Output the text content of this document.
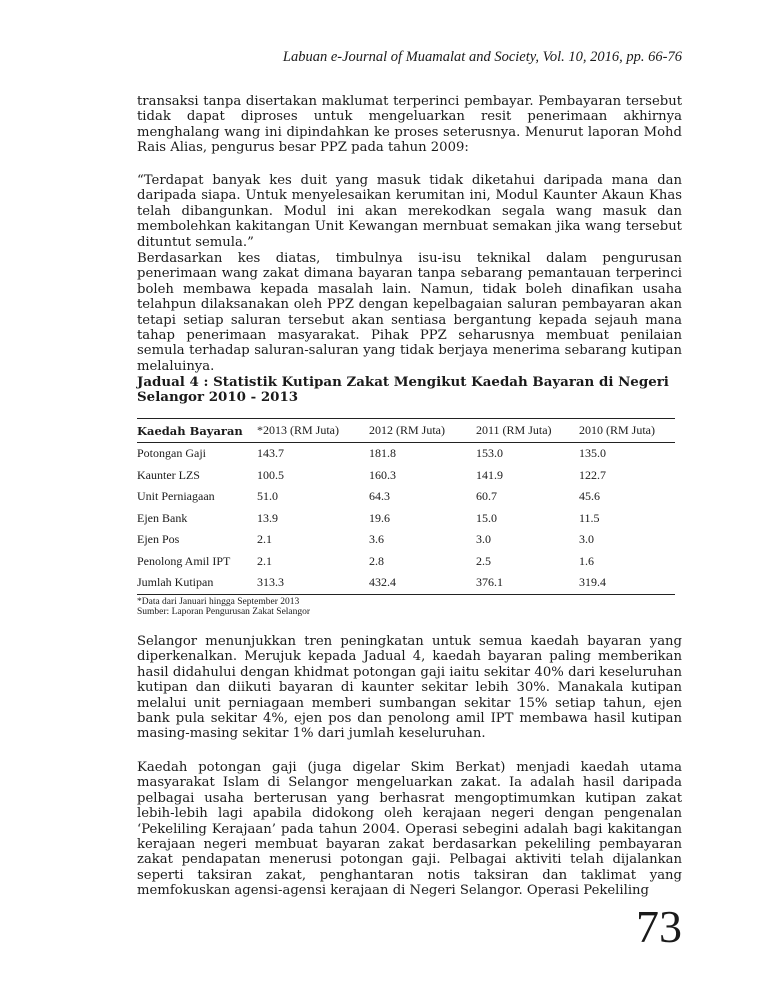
Labuan e-Journal of Muamalat and Society, Vol. 10, 2016, pp. 66-76

transaksi tanpa disertakan maklumat terperinci pembayar. Pembayaran tersebut tidak dapat diproses untuk mengeluarkan resit penerimaan akhirnya menghalang wang ini dipindahkan ke proses seterusnya. Menurut laporan Mohd Rais Alias, pengurus besar PPZ pada tahun 2009:

“Terdapat banyak kes duit yang masuk tidak diketahui daripada mana dan daripada siapa. Untuk menyelesaikan kerumitan ini, Modul Kaunter Akaun Khas telah dibangunkan. Modul ini akan merekodkan segala wang masuk dan membolehkan kakitangan Unit Kewangan mernbuat semakan jika wang tersebut dituntut semula.”

Berdasarkan kes diatas, timbulnya isu-isu teknikal dalam pengurusan penerimaan wang zakat dimana bayaran tanpa sebarang pemantauan terperinci boleh membawa kepada masalah lain. Namun, tidak boleh dinafikan usaha telahpun dilaksanakan oleh PPZ dengan kepelbagaian saluran pembayaran akan tetapi setiap saluran tersebut akan sentiasa bergantung kepada sejauh mana tahap penerimaan masyarakat. Pihak PPZ seharusnya membuat penilaian semula terhadap saluran-saluran yang tidak berjaya menerima sebarang kutipan melaluinya.

Jadual 4 : Statistik Kutipan Zakat Mengikut Kaedah Bayaran di Negeri Selangor 2010 - 2013

Kaedah Bayaran	*2013 (RM Juta)	2012 (RM Juta)	2011 (RM Juta)	2010 (RM Juta)
Potongan Gaji	143.7	181.8	153.0	135.0
Kaunter LZS	100.5	160.3	141.9	122.7
Unit Perniagaan	51.0	64.3	60.7	45.6
Ejen Bank	13.9	19.6	15.0	11.5
Ejen Pos	2.1	3.6	3.0	3.0
Penolong Amil IPT	2.1	2.8	2.5	1.6
Jumlah Kutipan	313.3	432.4	376.1	319.4
*Data dari Januari hingga September 2013
Sumber: Laporan Pengurusan Zakat Selangor

Selangor menunjukkan tren peningkatan untuk semua kaedah bayaran yang diperkenalkan. Merujuk kepada Jadual 4, kaedah bayaran paling memberikan hasil didahului dengan khidmat potongan gaji iaitu sekitar 40% dari keseluruhan kutipan dan diikuti bayaran di kaunter sekitar lebih 30%. Manakala kutipan melalui unit perniagaan memberi sumbangan sekitar 15% setiap tahun, ejen bank pula sekitar 4%, ejen pos dan penolong amil IPT membawa hasil kutipan masing-masing sekitar 1% dari jumlah keseluruhan.

Kaedah potongan gaji (juga digelar Skim Berkat) menjadi kaedah utama masyarakat Islam di Selangor mengeluarkan zakat. Ia adalah hasil daripada pelbagai usaha berterusan yang berhasrat mengoptimumkan kutipan zakat lebih-lebih lagi apabila didokong oleh kerajaan negeri dengan pengenalan ‘Pekeliling Kerajaan’ pada tahun 2004. Operasi sebegini adalah bagi kakitangan kerajaan negeri membuat bayaran zakat berdasarkan pekeliling pembayaran zakat pendapatan menerusi potongan gaji. Pelbagai aktiviti telah dijalankan seperti taksiran zakat, penghantaran notis taksiran dan taklimat yang memfokuskan agensi-agensi kerajaan di Negeri Selangor. Operasi Pekeliling

73
